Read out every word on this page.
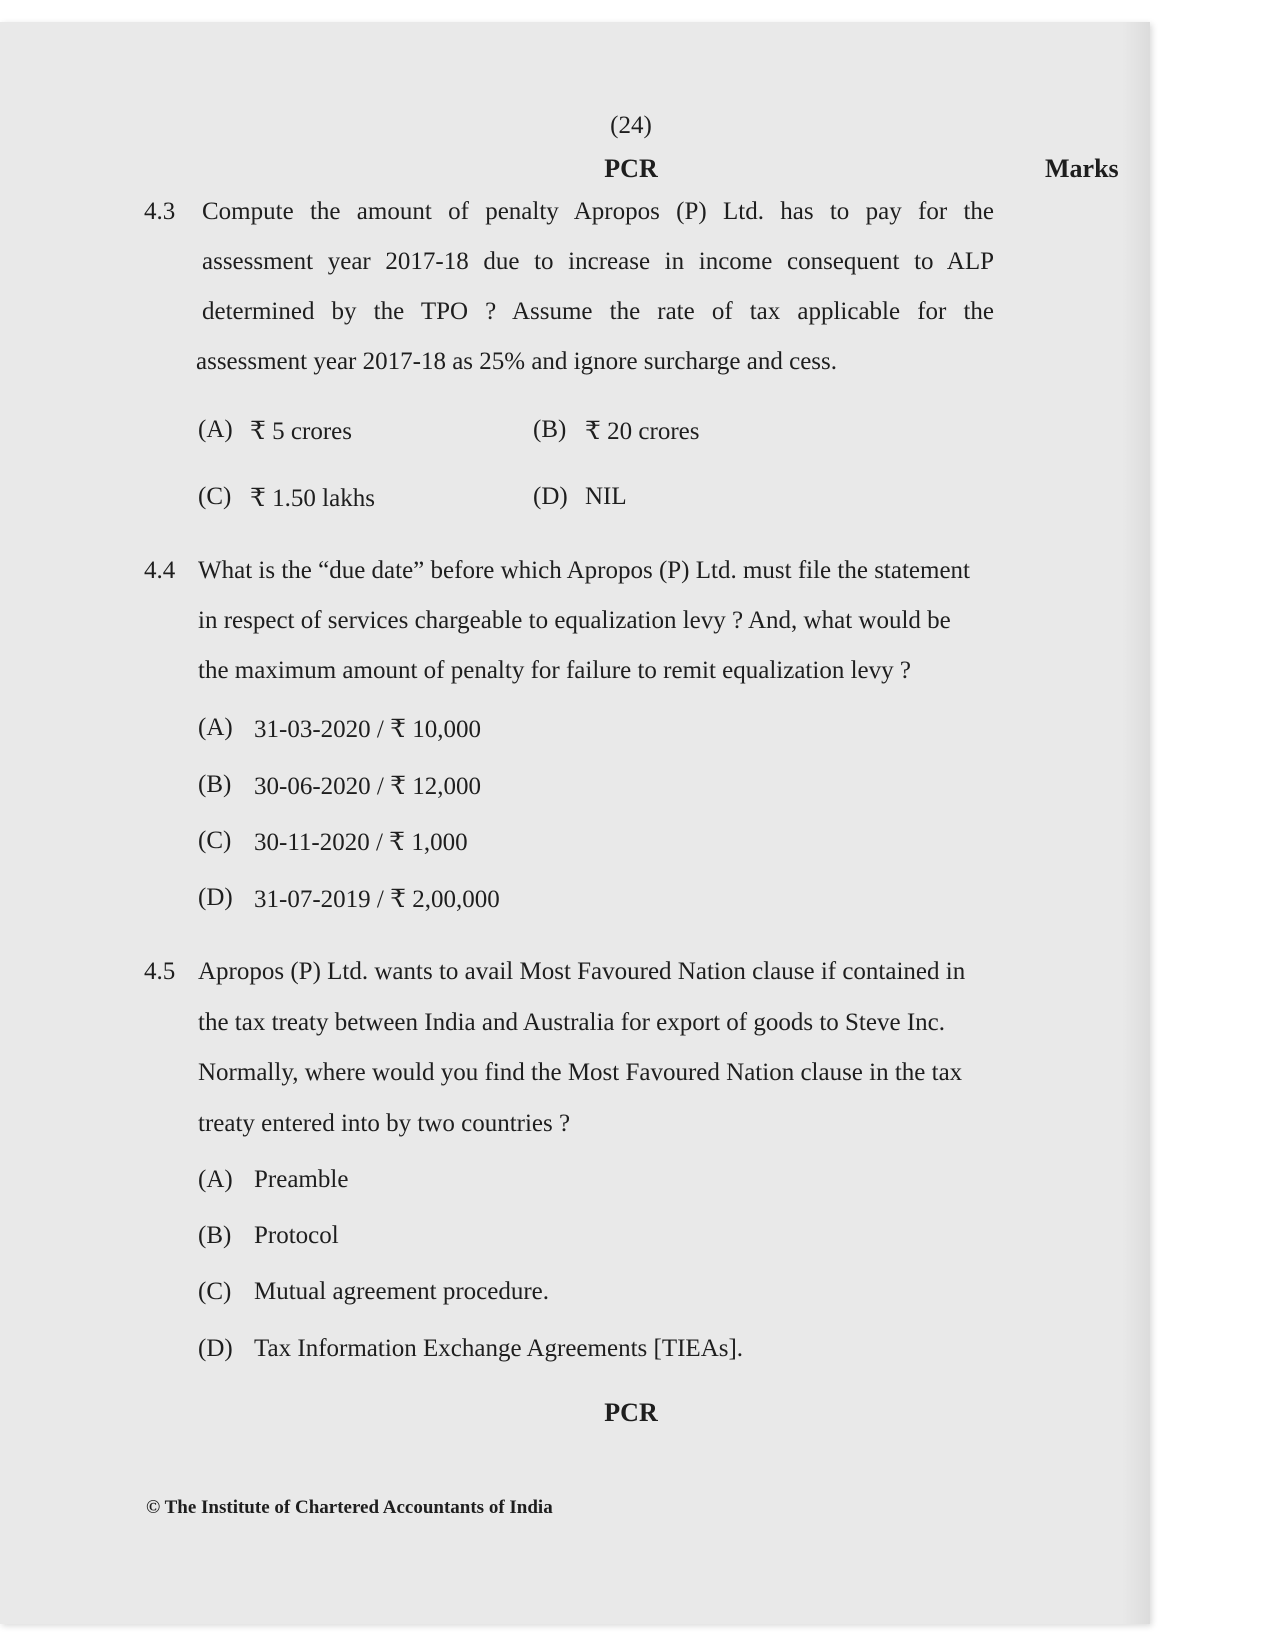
(24)
PCR	Marks
4.3 Compute the amount of penalty Apropos (P) Ltd. has to pay for the
assessment year 2017-18 due to increase in income consequent to ALP
determined by the TPO ? Assume the rate of tax applicable for the
assessment year 2017-18 as 25% and ignore surcharge and cess.
(A) ₹ 5 crores	(B) ₹ 20 crores
(C) ₹ 1.50 lakhs	(D) NIL
4.4 What is the “due date” before which Apropos (P) Ltd. must file the statement
in respect of services chargeable to equalization levy ? And, what would be
the maximum amount of penalty for failure to remit equalization levy ?
(A) 31-03-2020 / ₹ 10,000
(B) 30-06-2020 / ₹ 12,000
(C) 30-11-2020 / ₹ 1,000
(D) 31-07-2019 / ₹ 2,00,000
4.5 Apropos (P) Ltd. wants to avail Most Favoured Nation clause if contained in
the tax treaty between India and Australia for export of goods to Steve Inc.
Normally, where would you find the Most Favoured Nation clause in the tax
treaty entered into by two countries ?
(A) Preamble
(B) Protocol
(C) Mutual agreement procedure.
(D) Tax Information Exchange Agreements [TIEAs].
PCR
© The Institute of Chartered Accountants of India
